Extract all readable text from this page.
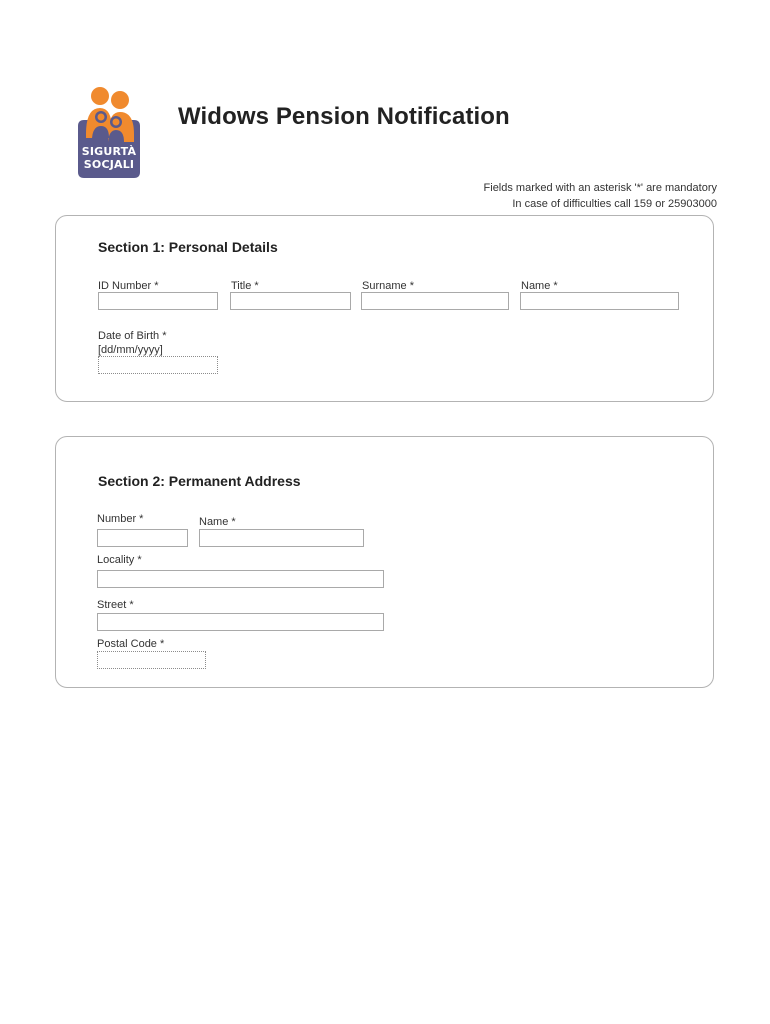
SIGURTÀ
SOCJALI
Widows Pension Notification
Fields marked with an asterisk '*' are mandatory
In case of difficulties call 159 or 25903000
Section 1: Personal Details
ID Number *	Title *	Surname *	Name *
Date of Birth *
[dd/mm/yyyy]
Section 2: Permanent Address
Number *	Name *
Locality *
Street *
Postal Code *
